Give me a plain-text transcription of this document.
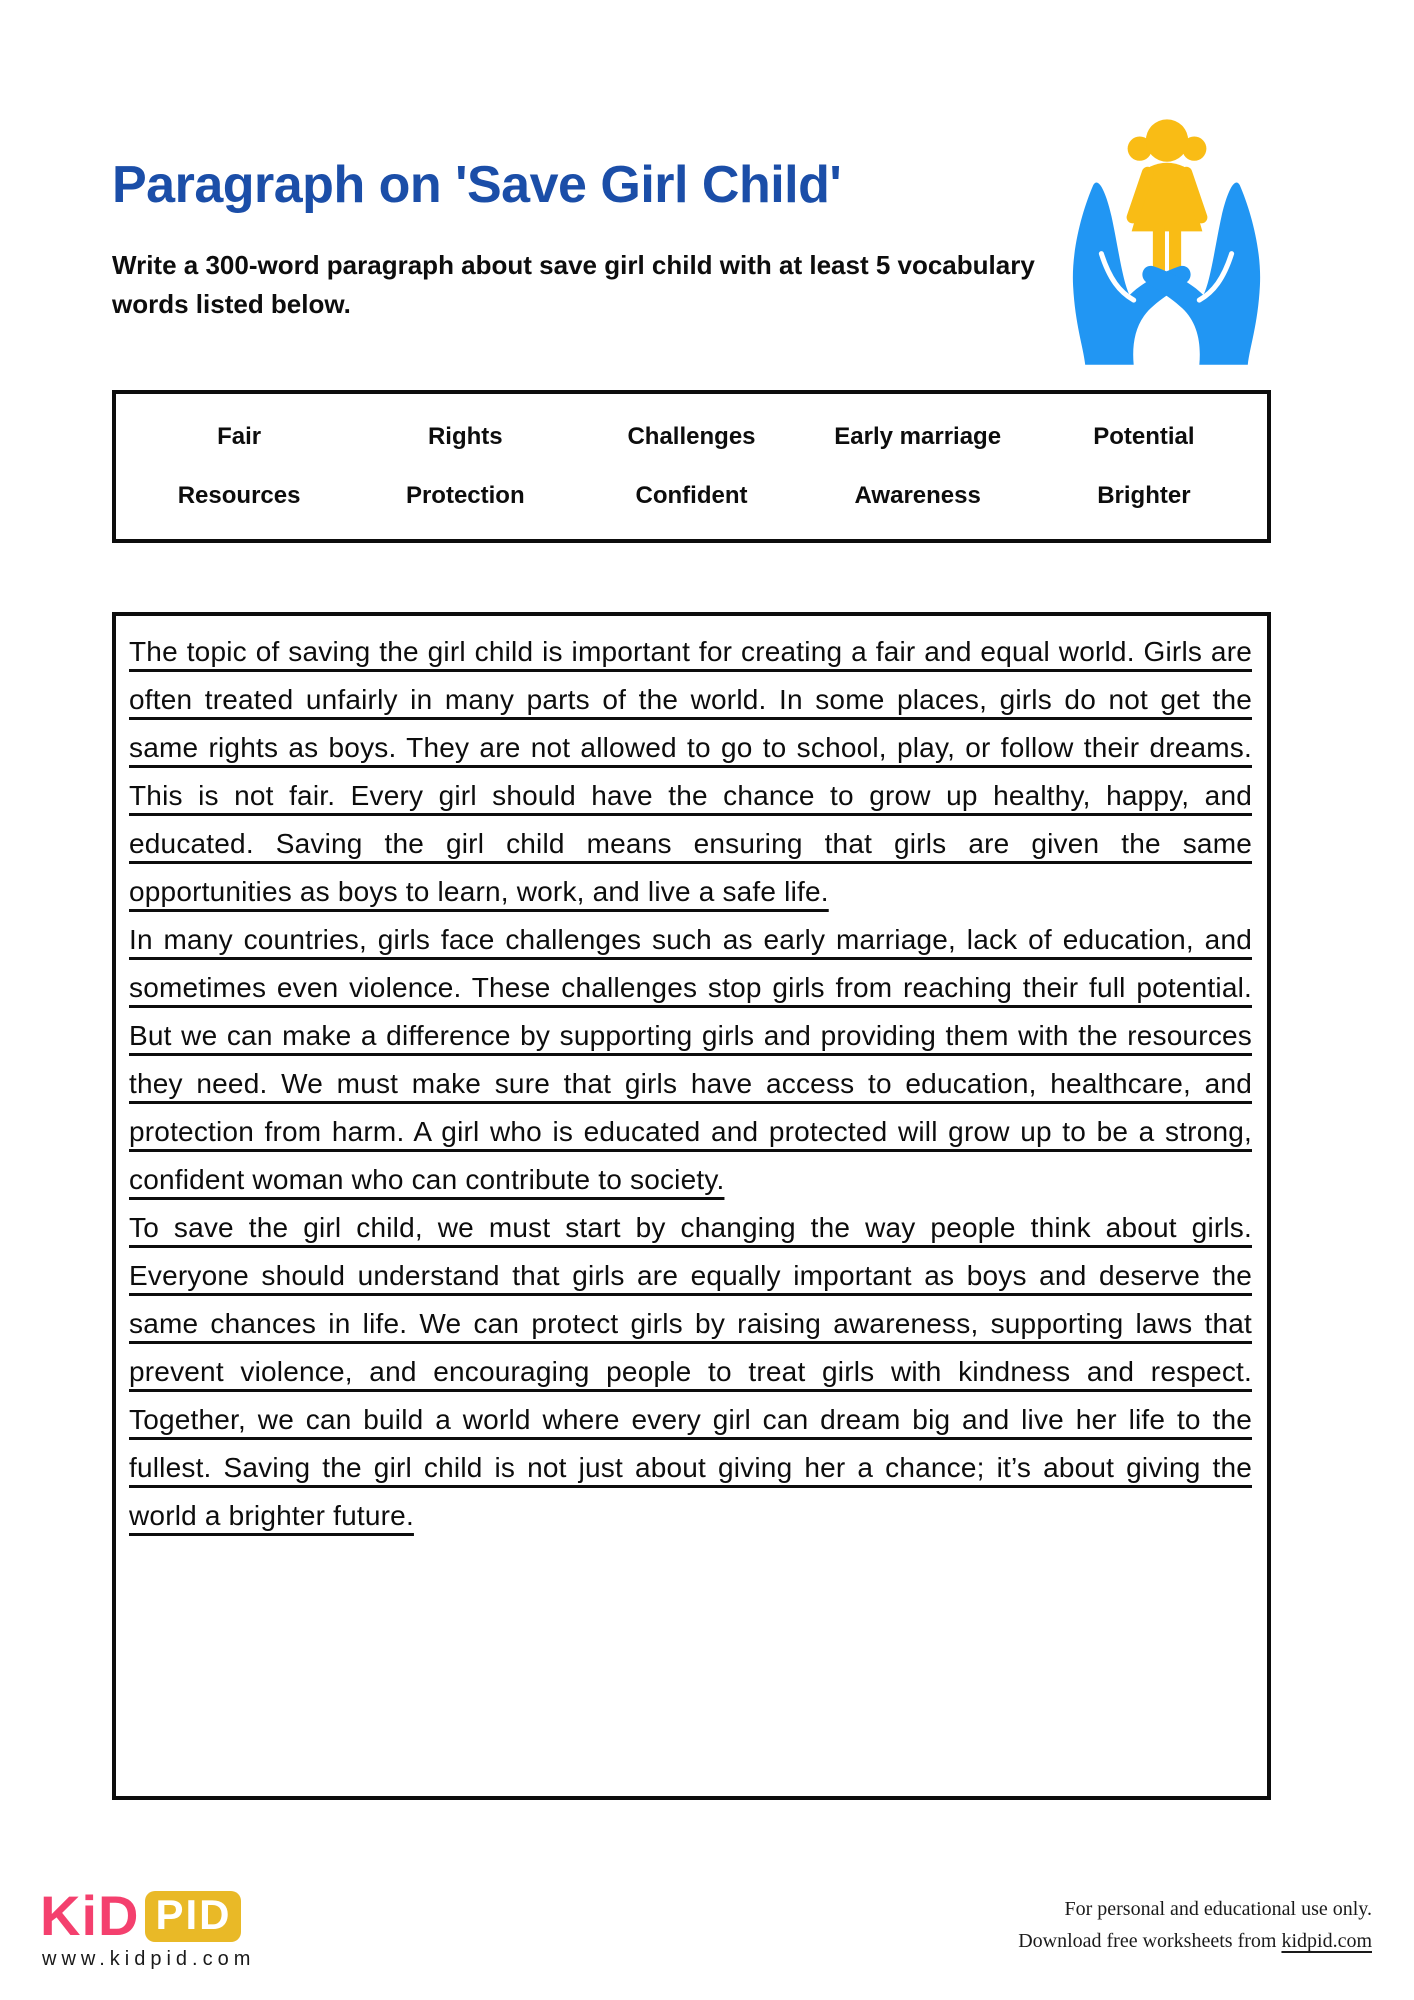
Paragraph on 'Save Girl Child'
Write a 300-word paragraph about save girl child with at least 5 vocabulary words listed below.
Fair	Rights	Challenges	Early marriage	Potential
Resources	Protection	Confident	Awareness	Brighter

The topic of saving the girl child is important for creating a fair and equal world. Girls are often treated unfairly in many parts of the world. In some places, girls do not get the same rights as boys. They are not allowed to go to school, play, or follow their dreams. This is not fair. Every girl should have the chance to grow up healthy, happy, and educated. Saving the girl child means ensuring that girls are given the same opportunities as boys to learn, work, and live a safe life.

In many countries, girls face challenges such as early marriage, lack of education, and sometimes even violence. These challenges stop girls from reaching their full potential. But we can make a difference by supporting girls and providing them with the resources they need. We must make sure that girls have access to education, healthcare, and protection from harm. A girl who is educated and protected will grow up to be a strong, confident woman who can contribute to society.

To save the girl child, we must start by changing the way people think about girls. Everyone should understand that girls are equally important as boys and deserve the same chances in life. We can protect girls by raising awareness, supporting laws that prevent violence, and encouraging people to treat girls with kindness and respect. Together, we can build a world where every girl can dream big and live her life to the fullest. Saving the girl child is not just about giving her a chance; it’s about giving the world a brighter future.

KiD PID
www.kidpid.com
For personal and educational use only.
Download free worksheets from kidpid.com
